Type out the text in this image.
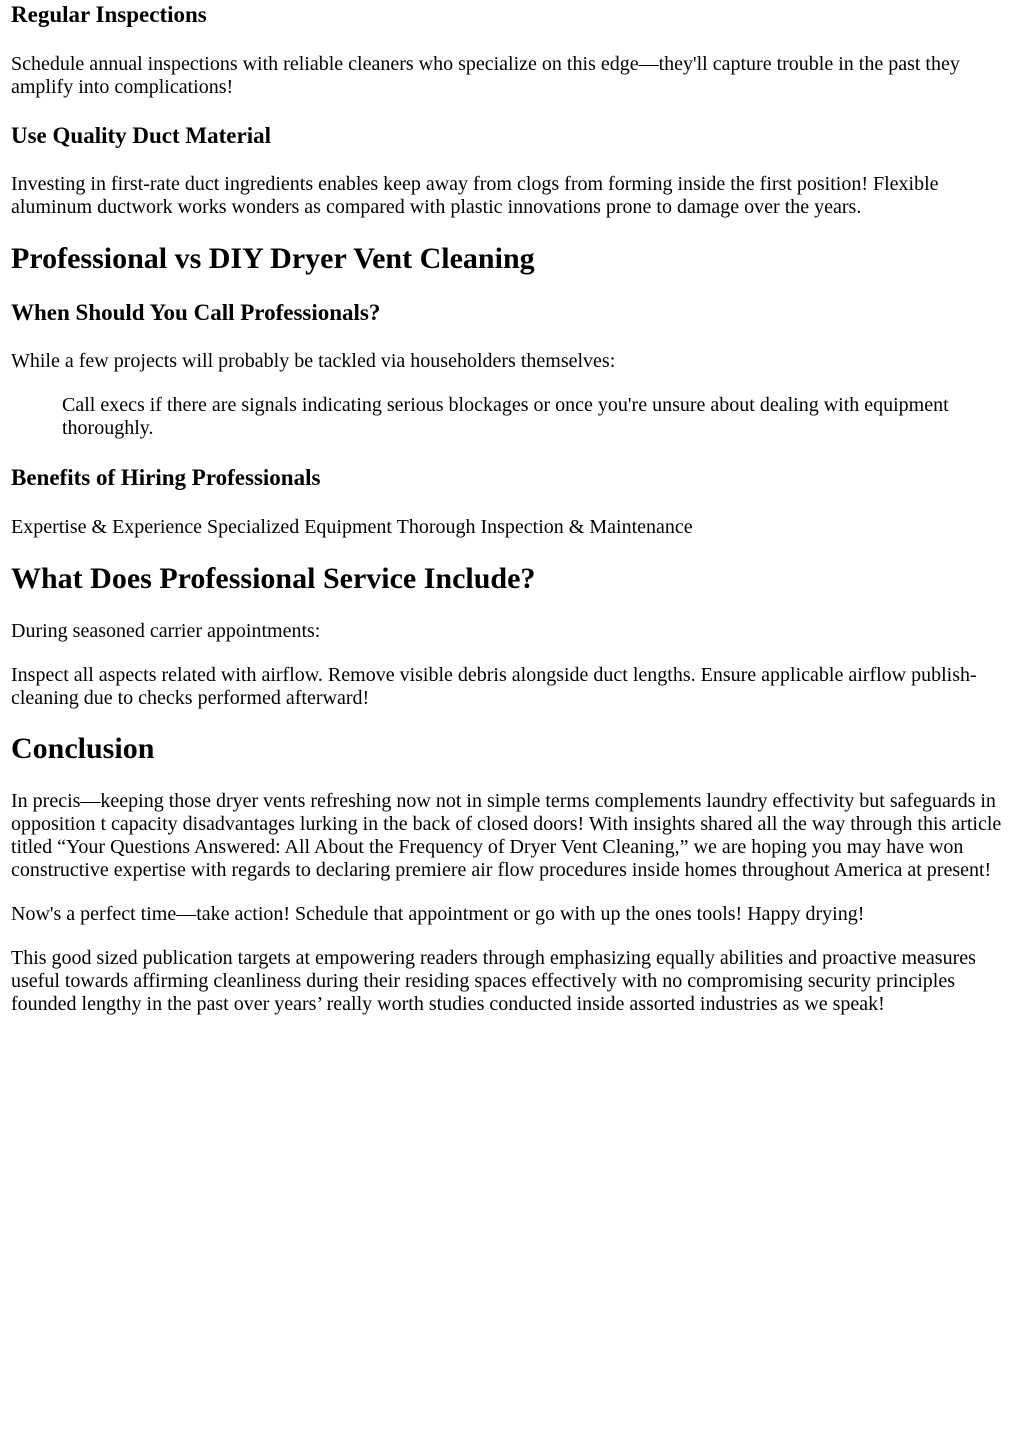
Regular Inspections

Schedule annual inspections with reliable cleaners who specialize on this edge—they'll capture trouble in the past they amplify into complications!

Use Quality Duct Material

Investing in first-rate duct ingredients enables keep away from clogs from forming inside the first position! Flexible aluminum ductwork works wonders as compared with plastic innovations prone to damage over the years.

Professional vs DIY Dryer Vent Cleaning
When Should You Call Professionals?

While a few projects will probably be tackled via householders themselves:

Call execs if there are signals indicating serious blockages or once you're unsure about dealing with equipment thoroughly.
Benefits of Hiring Professionals

Expertise & Experience Specialized Equipment Thorough Inspection & Maintenance

What Does Professional Service Include?

During seasoned carrier appointments:

Inspect all aspects related with airflow. Remove visible debris alongside duct lengths. Ensure applicable airflow publish-cleaning due to checks performed afterward!

Conclusion

In precis—keeping those dryer vents refreshing now not in simple terms complements laundry effectivity but safeguards in opposition t capacity disadvantages lurking in the back of closed doors! With insights shared all the way through this article titled “Your Questions Answered: All About the Frequency of Dryer Vent Cleaning,” we are hoping you may have won constructive expertise with regards to declaring premiere air flow procedures inside homes throughout America at present!

Now's a perfect time—take action! Schedule that appointment or go with up the ones tools! Happy drying!

This good sized publication targets at empowering readers through emphasizing equally abilities and proactive measures useful towards affirming cleanliness during their residing spaces effectively with no compromising security principles founded lengthy in the past over years’ really worth studies conducted inside assorted industries as we speak!
